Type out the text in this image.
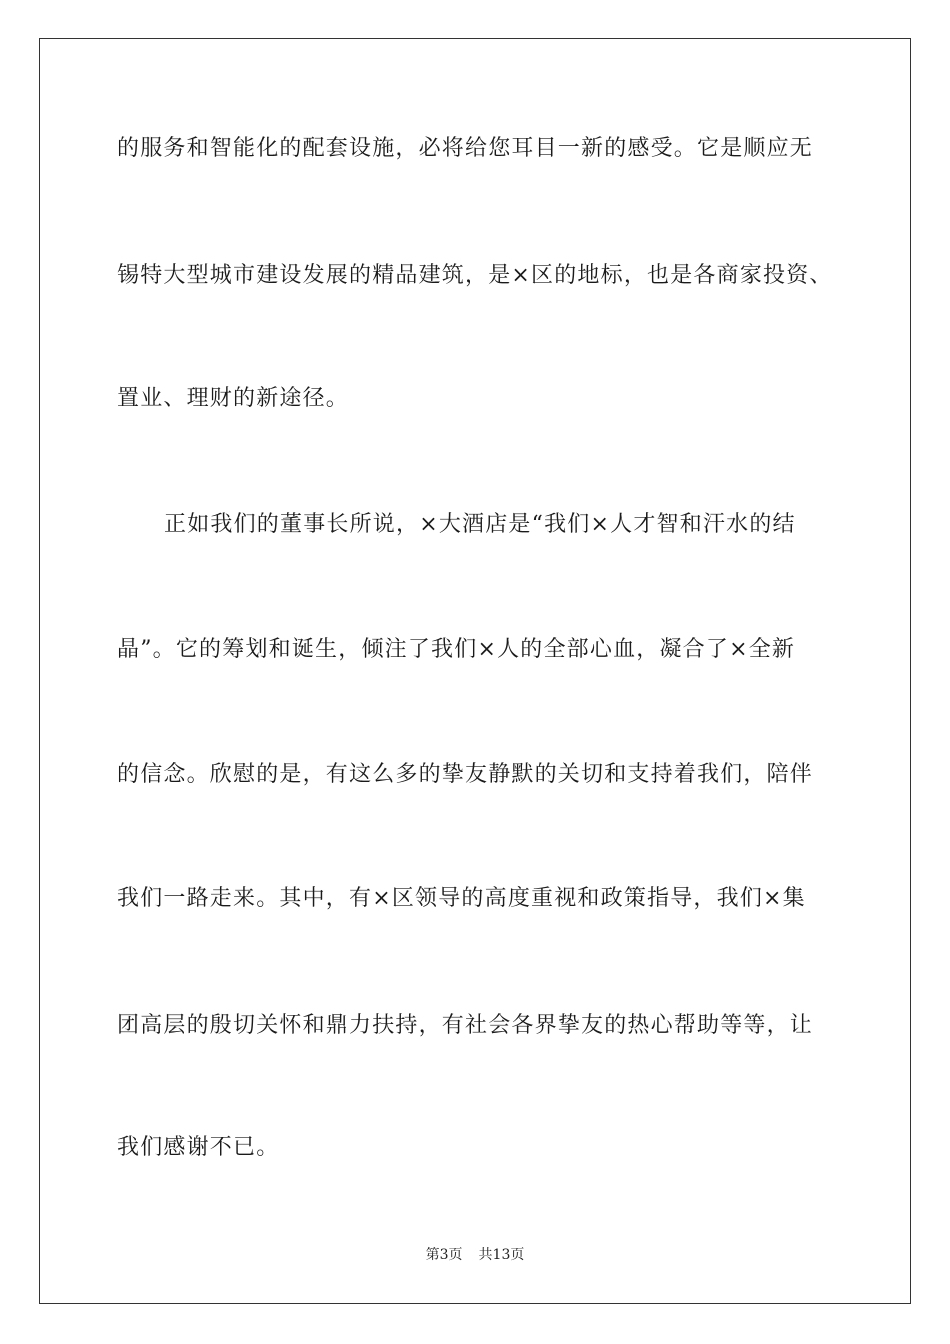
的服务和智能化的配套设施，必将给您耳目一新的感受。它是顺应无
锡特大型城市建设发展的精品建筑，是×区的地标，也是各商家投资、
置业、理财的新途径。
正如我们的董事长所说，×大酒店是“我们×人才智和汗水的结
晶”。它的筹划和诞生，倾注了我们×人的全部心血，凝合了×全新
的信念。欣慰的是，有这么多的挚友静默的关切和支持着我们，陪伴
我们一路走来。其中，有×区领导的高度重视和政策指导，我们×集
团高层的殷切关怀和鼎力扶持，有社会各界挚友的热心帮助等等，让
我们感谢不已。
第3页 共13页
